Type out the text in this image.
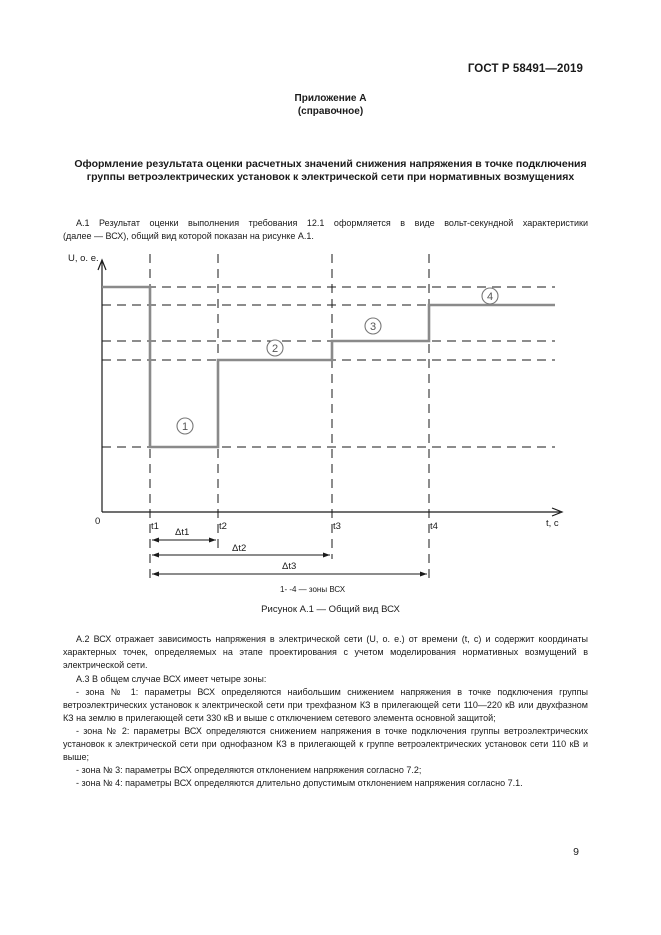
ГОСТ Р 58491—2019
Приложение А
(справочное)
Оформление результата оценки расчетных значений снижения напряжения в точке подключения группы ветроэлектрических установок к электрической сети при нормативных возмущениях
А.1 Результат оценки выполнения требования 12.1 оформляется в виде вольт-секундной характеристики
(далее — ВСХ), общий вид которой показан на рисунке А.1.
1
2
3
4
U, о. е.
0	t, с
t1	t2	t3	t4
Δt1
Δt2
Δt3
1- -4 — зоны ВСХ
Рисунок А.1 — Общий вид ВСХ
А.2 ВСХ отражает зависимость напряжения в электрической сети (U, о. е.) от времени (t, с) и содержит координаты характерных точек, определяемых на этапе проектирования с учетом моделирования нормативных возмущений в электрической сети.
А.3 В общем случае ВСХ имеет четыре зоны:
- зона № 1: параметры ВСХ определяются наибольшим снижением напряжения в точке подключения группы ветроэлектрических установок к электрической сети при трехфазном КЗ в прилегающей сети 110—220 кВ или двухфазном КЗ на землю в прилегающей сети 330 кВ и выше с отключением сетевого элемента основной защитой;
- зона № 2: параметры ВСХ определяются снижением напряжения в точке подключения группы ветроэлектрических установок к электрической сети при однофазном КЗ в прилегающей к группе ветроэлектрических установок сети 110 кВ и выше;
- зона № 3: параметры ВСХ определяются отклонением напряжения согласно 7.2;
- зона № 4: параметры ВСХ определяются длительно допустимым отклонением напряжения согласно 7.1.
9
